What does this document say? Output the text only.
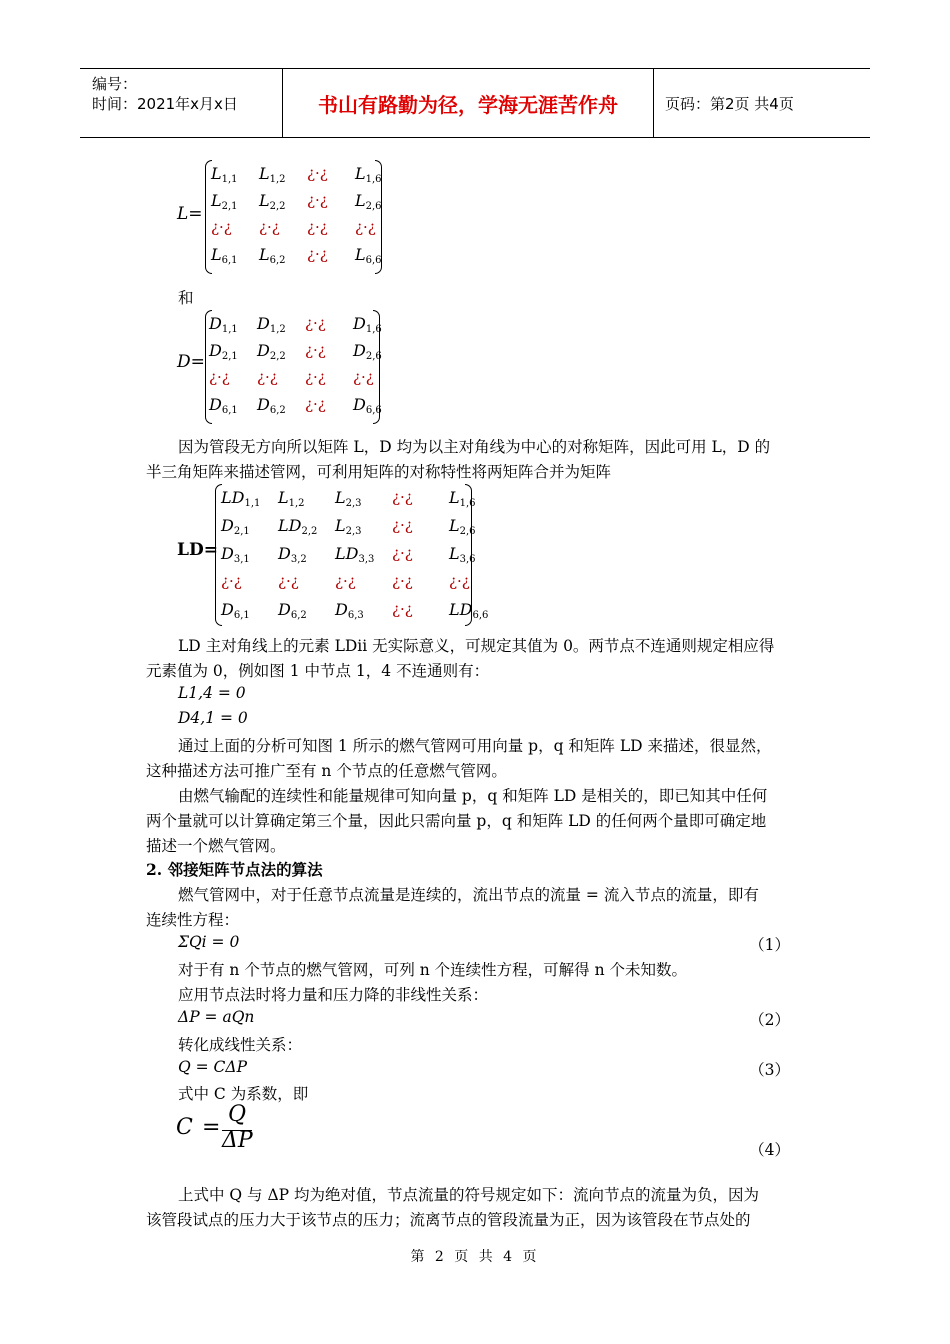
编号：
时间：2021年x月x日	书山有路勤为径，学海无涯苦作舟	页码：第2页 共4页
L=
$L_{1,1}$ $L_{1,2}$ ¿·¿ $L_{1,6}$
$L_{2,1}$ $L_{2,2}$ ¿·¿ $L_{2,6}$
¿·¿ ¿·¿ ¿·¿ ¿·¿
$L_{6,1}$ $L_{6,2}$ ¿·¿ $L_{6,6}$
和
D=
$D_{1,1}$ $D_{1,2}$ ¿·¿ $D_{1,6}$
$D_{2,1}$ $D_{2,2}$ ¿·¿ $D_{2,6}$
¿·¿ ¿·¿ ¿·¿ ¿·¿
$D_{6,1}$ $D_{6,2}$ ¿·¿ $D_{6,6}$
因为管段无方向所以矩阵 L，D 均为以主对角线为中心的对称矩阵，因此可用 L，D 的
半三角矩阵来描述管网，可利用矩阵的对称特性将两矩阵合并为矩阵
LD=
$LD_{1,1}$ $L_{1,2}$ $L_{2,3}$ ¿·¿ $L_{1,6}$
$D_{2,1}$ $LD_{2,2}$ $L_{2,3}$ ¿·¿ $L_{2,6}$
$D_{3,1}$ $D_{3,2}$ $LD_{3,3}$ ¿·¿ $L_{3,6}$
¿·¿ ¿·¿ ¿·¿ ¿·¿ ¿·¿
$D_{6,1}$ $D_{6,2}$ $D_{6,3}$ ¿·¿ $LD_{6,6}$
LD 主对角线上的元素 LDii 无实际意义，可规定其值为 0。两节点不连通则规定相应得
元素值为 0，例如图 1 中节点 1，4 不连通则有：
L1,4 = 0
D4,1 = 0
通过上面的分析可知图 1 所示的燃气管网可用向量 p，q 和矩阵 LD 来描述，很显然，
这种描述方法可推广至有 n 个节点的任意燃气管网。
由燃气输配的连续性和能量规律可知向量 p，q 和矩阵 LD 是相关的，即已知其中任何
两个量就可以计算确定第三个量，因此只需向量 p，q 和矩阵 LD 的任何两个量即可确定地
描述一个燃气管网。
2. 邻接矩阵节点法的算法
燃气管网中，对于任意节点流量是连续的，流出节点的流量 = 流入节点的流量，即有
连续性方程：
ΣQi = 0	（1）
对于有 n 个节点的燃气管网，可列 n 个连续性方程，可解得 n 个未知数。
应用节点法时将力量和压力降的非线性关系：
ΔP = aQn	（2）
转化成线性关系：
Q = CΔP	（3）
式中 C 为系数，即
C =
Q
ΔP	（4）
上式中 Q 与 ΔP 均为绝对值，节点流量的符号规定如下：流向节点的流量为负，因为
该管段试点的压力大于该节点的压力；流离节点的管段流量为正，因为该管段在节点处的
第 2 页 共 4 页
